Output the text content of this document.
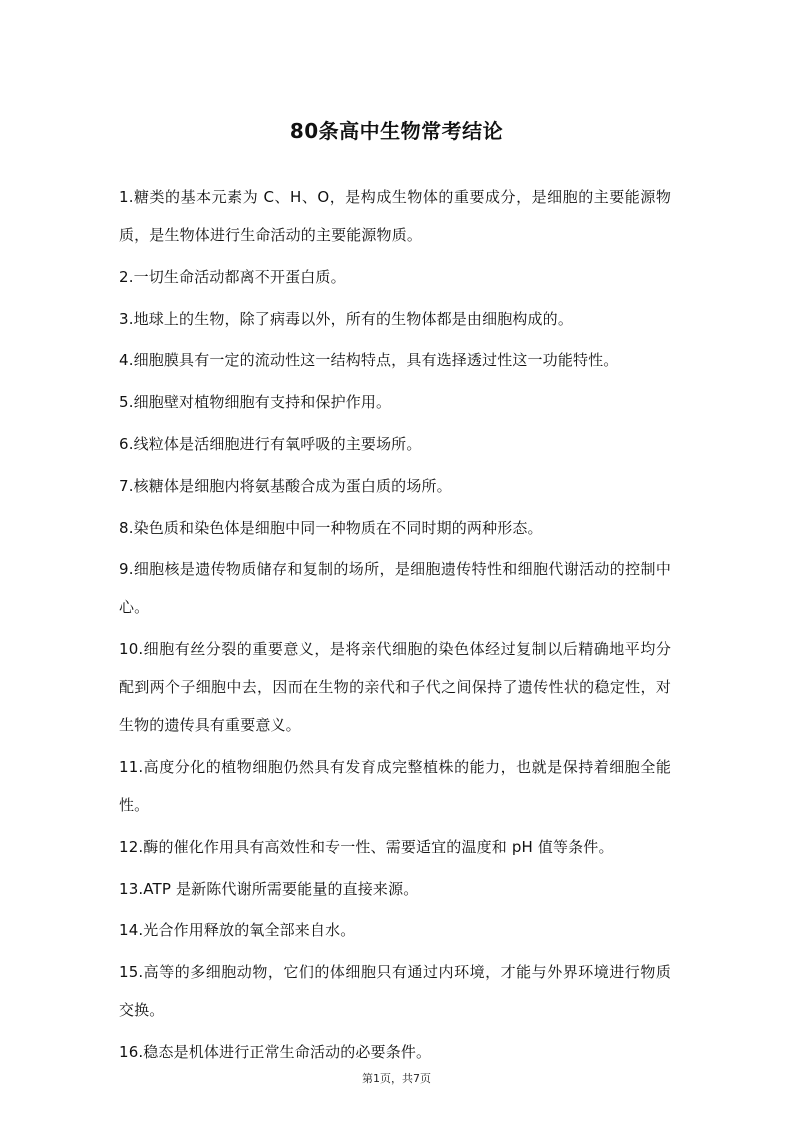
80条高中生物常考结论

1.糖类的基本元素为 C、H、O，是构成生物体的重要成分，是细胞的主要能源物质，是生物体进行生命活动的主要能源物质。

2.一切生命活动都离不开蛋白质。

3.地球上的生物，除了病毒以外，所有的生物体都是由细胞构成的。

4.细胞膜具有一定的流动性这一结构特点，具有选择透过性这一功能特性。

5.细胞壁对植物细胞有支持和保护作用。

6.线粒体是活细胞进行有氧呼吸的主要场所。

7.核糖体是细胞内将氨基酸合成为蛋白质的场所。

8.染色质和染色体是细胞中同一种物质在不同时期的两种形态。

9.细胞核是遗传物质储存和复制的场所，是细胞遗传特性和细胞代谢活动的控制中心。

10.细胞有丝分裂的重要意义，是将亲代细胞的染色体经过复制以后精确地平均分配到两个子细胞中去，因而在生物的亲代和子代之间保持了遗传性状的稳定性，对生物的遗传具有重要意义。

11.高度分化的植物细胞仍然具有发育成完整植株的能力，也就是保持着细胞全能性。

12.酶的催化作用具有高效性和专一性、需要适宜的温度和 pH 值等条件。

13.ATP 是新陈代谢所需要能量的直接来源。

14.光合作用释放的氧全部来自水。

15.高等的多细胞动物，它们的体细胞只有通过内环境，才能与外界环境进行物质交换。

16.稳态是机体进行正常生命活动的必要条件。

第1页，共7页
